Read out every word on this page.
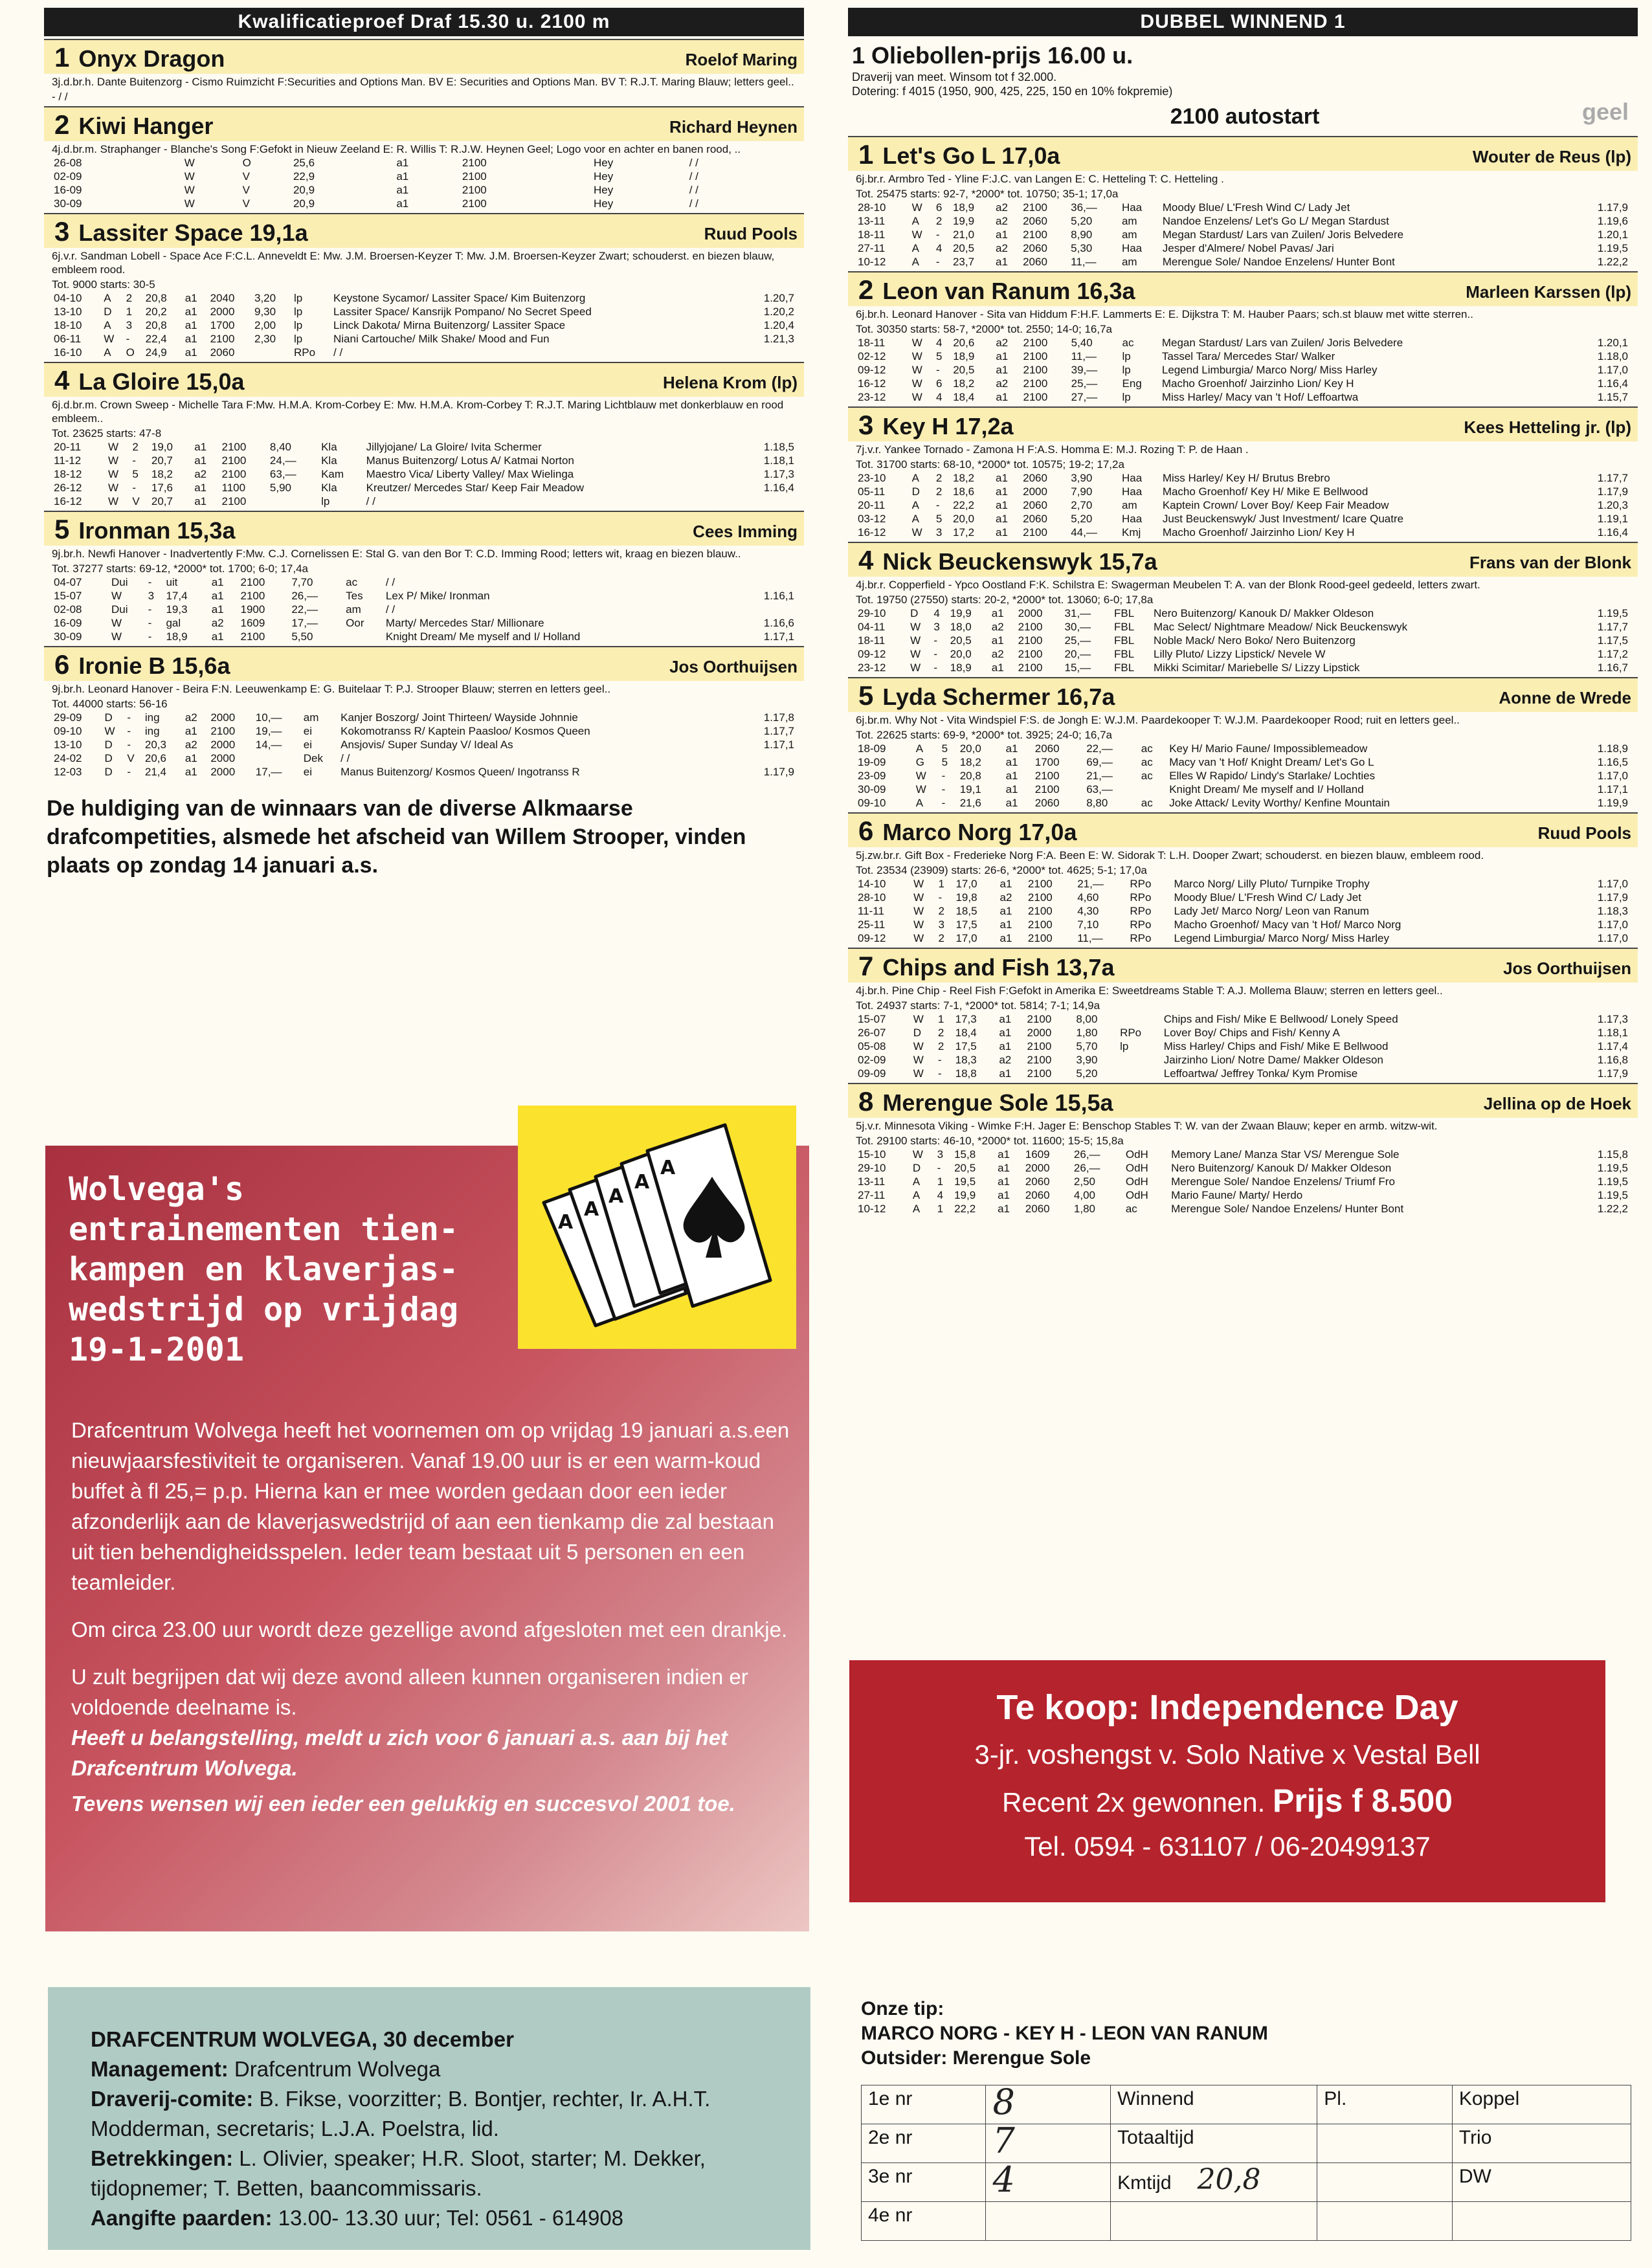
Kwalificatieproef Draf 15.30 u. 2100 m
1 Onyx Dragon	Roelof Maring
3j.d.br.h. Dante Buitenzorg - Cismo Ruimzicht F:Securities and Options Man. BV E: Securities and Options Man. BV T: R.J.T. Maring Blauw; letters geel..
- / /
2 Kiwi Hanger	Richard Heynen
4j.d.br.m. Straphanger - Blanche's Song F:Gefokt in Nieuw Zeeland E: R. Willis T: R.J.W. Heynen Geel; Logo voor en achter en banen rood, ..
26-08	W	O	25,6	a1	2100		Hey	/ /	
02-09	W	V	22,9	a1	2100		Hey	/ /	
16-09	W	V	20,9	a1	2100		Hey	/ /	
30-09	W	V	20,9	a1	2100		Hey	/ /	
3 Lassiter Space 19,1a	Ruud Pools
6j.v.r. Sandman Lobell - Space Ace F:C.L. Anneveldt E: Mw. J.M. Broersen-Keyzer T: Mw. J.M. Broersen-Keyzer Zwart; schouderst. en biezen blauw, embleem rood.
Tot. 9000 starts: 30-5
04-10	A	2	20,8	a1	2040	3,20	lp	Keystone Sycamor/ Lassiter Space/ Kim Buitenzorg	1.20,7
13-10	D	1	20,2	a1	2000	9,30	lp	Lassiter Space/ Kansrijk Pompano/ No Secret Speed	1.20,2
18-10	A	3	20,8	a1	1700	2,00	lp	Linck Dakota/ Mirna Buitenzorg/ Lassiter Space	1.20,4
06-11	W	-	22,4	a1	2100	2,30	lp	Niani Cartouche/ Milk Shake/ Mood and Fun	1.21,3
16-10	A	O	24,9	a1	2060		RPo	/ /	
4 La Gloire 15,0a	Helena Krom (lp)
6j.d.br.m. Crown Sweep - Michelle Tara F:Mw. H.M.A. Krom-Corbey E: Mw. H.M.A. Krom-Corbey T: R.J.T. Maring Lichtblauw met donkerblauw en rood embleem..
Tot. 23625 starts: 47-8
20-11	W	2	19,0	a1	2100	8,40	Kla	Jillyjojane/ La Gloire/ Ivita Schermer	1.18,5
11-12	W	-	20,7	a1	2100	24,—	Kla	Manus Buitenzorg/ Lotus A/ Katmai Norton	1.18,1
18-12	W	5	18,2	a2	2100	63,—	Kam	Maestro Vica/ Liberty Valley/ Max Wielinga	1.17,3
26-12	W	-	17,6	a1	1100	5,90	Kla	Kreutzer/ Mercedes Star/ Keep Fair Meadow	1.16,4
16-12	W	V	20,7	a1	2100		lp	/ /	
5 Ironman 15,3a	Cees Imming
9j.br.h. Newfi Hanover - Inadvertently F:Mw. C.J. Cornelissen E: Stal G. van den Bor T: C.D. Imming Rood; letters wit, kraag en biezen blauw..
Tot. 37277 starts: 69-12, *2000* tot. 1700; 6-0; 17,4a
04-07	Dui	-	uit	a1	2100	7,70	ac	/ /	
15-07	W	3	17,4	a1	2100	26,—	Tes	Lex P/ Mike/ Ironman	1.16,1
02-08	Dui	-	19,3	a1	1900	22,—	am	/ /	
16-09	W	-	gal	a2	1609	17,—	Oor	Marty/ Mercedes Star/ Millionare	1.16,6
30-09	W	-	18,9	a1	2100	5,50		Knight Dream/ Me myself and I/ Holland	1.17,1
6 Ironie B 15,6a	Jos Oorthuijsen
9j.br.h. Leonard Hanover - Beira F:N. Leeuwenkamp E: G. Buitelaar T: P.J. Strooper Blauw; sterren en letters geel..
Tot. 44000 starts: 56-16
29-09	D	-	ing	a2	2000	10,—	am	Kanjer Boszorg/ Joint Thirteen/ Wayside Johnnie	1.17,8
09-10	W	-	ing	a1	2100	19,—	ei	Kokomotranss R/ Kaptein Paasloo/ Kosmos Queen	1.17,7
13-10	D	-	20,3	a2	2000	14,—	ei	Ansjovis/ Super Sunday V/ Ideal As	1.17,1
24-02	D	V	20,6	a1	2000		Dek	/ /	
12-03	D	-	21,4	a1	2000	17,—	ei	Manus Buitenzorg/ Kosmos Queen/ Ingotranss R	1.17,9
De huldiging van de winnaars van de diverse Alkmaarse drafcompetities, alsmede het afscheid van Willem Strooper, vinden plaats op zondag 14 januari a.s.
DUBBEL WINNEND 1
1 Oliebollen-prijs 16.00 u.
Draverij van meet. Winsom tot f 32.000.
Dotering: f 4015 (1950, 900, 425, 225, 150 en 10% fokpremie)
2100 autostart	geel
1 Let's Go L 17,0a	Wouter de Reus (lp)
6j.br.r. Armbro Ted - Yline F:J.C. van Langen E: C. Hetteling T: C. Hetteling .
Tot. 25475 starts: 92-7, *2000* tot. 10750; 35-1; 17,0a
28-10	W	6	18,9	a2	2100	36,—	Haa	Moody Blue/ L'Fresh Wind C/ Lady Jet	1.17,9
13-11	A	2	19,9	a2	2060	5,20	am	Nandoe Enzelens/ Let's Go L/ Megan Stardust	1.19,6
18-11	W	-	21,0	a1	2100	8,90	am	Megan Stardust/ Lars van Zuilen/ Joris Belvedere	1.20,1
27-11	A	4	20,5	a2	2060	5,30	Haa	Jesper d'Almere/ Nobel Pavas/ Jari	1.19,5
10-12	A	-	23,7	a1	2060	11,—	am	Merengue Sole/ Nandoe Enzelens/ Hunter Bont	1.22,2
2 Leon van Ranum 16,3a	Marleen Karssen (lp)
6j.br.h. Leonard Hanover - Sita van Hiddum F:H.F. Lammerts E: E. Dijkstra T: M. Hauber Paars; sch.st blauw met witte sterren..
Tot. 30350 starts: 58-7, *2000* tot. 2550; 14-0; 16,7a
18-11	W	4	20,6	a2	2100	5,40	ac	Megan Stardust/ Lars van Zuilen/ Joris Belvedere	1.20,1
02-12	W	5	18,9	a1	2100	11,—	lp	Tassel Tara/ Mercedes Star/ Walker	1.18,0
09-12	W	-	20,5	a1	2100	39,—	lp	Legend Limburgia/ Marco Norg/ Miss Harley	1.17,0
16-12	W	6	18,2	a2	2100	25,—	Eng	Macho Groenhof/ Jairzinho Lion/ Key H	1.16,4
23-12	W	4	18,4	a1	2100	27,—	lp	Miss Harley/ Macy van 't Hof/ Leffoartwa	1.15,7
3 Key H 17,2a	Kees Hetteling jr. (lp)
7j.v.r. Yankee Tornado - Zamona H F:A.S. Homma E: M.J. Rozing T: P. de Haan .
Tot. 31700 starts: 68-10, *2000* tot. 10575; 19-2; 17,2a
23-10	A	2	18,2	a1	2060	3,90	Haa	Miss Harley/ Key H/ Brutus Brebro	1.17,7
05-11	D	2	18,6	a1	2000	7,90	Haa	Macho Groenhof/ Key H/ Mike E Bellwood	1.17,9
20-11	A	-	22,2	a1	2060	2,70	am	Kaptein Crown/ Lover Boy/ Keep Fair Meadow	1.20,3
03-12	A	5	20,0	a1	2060	5,20	Haa	Just Beuckenswyk/ Just Investment/ Icare Quatre	1.19,1
16-12	W	3	17,2	a1	2100	44,—	Kmj	Macho Groenhof/ Jairzinho Lion/ Key H	1.16,4
4 Nick Beuckenswyk 15,7a	Frans van der Blonk
4j.br.r. Copperfield - Ypco Oostland F:K. Schilstra E: Swagerman Meubelen T: A. van der Blonk Rood-geel gedeeld, letters zwart.
Tot. 19750 (27550) starts: 20-2, *2000* tot. 13060; 6-0; 17,8a
29-10	D	4	19,9	a1	2000	31,—	FBL	Nero Buitenzorg/ Kanouk D/ Makker Oldeson	1.19,5
04-11	W	3	18,0	a2	2100	30,—	FBL	Mac Select/ Nightmare Meadow/ Nick Beuckenswyk	1.17,7
18-11	W	-	20,5	a1	2100	25,—	FBL	Noble Mack/ Nero Boko/ Nero Buitenzorg	1.17,5
09-12	W	-	20,0	a2	2100	20,—	FBL	Lilly Pluto/ Lizzy Lipstick/ Nevele W	1.17,2
23-12	W	-	18,9	a1	2100	15,—	FBL	Mikki Scimitar/ Mariebelle S/ Lizzy Lipstick	1.16,7
5 Lyda Schermer 16,7a	Aonne de Wrede
6j.br.m. Why Not - Vita Windspiel F:S. de Jongh E: W.J.M. Paardekooper T: W.J.M. Paardekooper Rood; ruit en letters geel..
Tot. 22625 starts: 69-9, *2000* tot. 3925; 24-0; 16,7a
18-09	A	5	20,0	a1	2060	22,—	ac	Key H/ Mario Faune/ Impossiblemeadow	1.18,9
19-09	G	5	18,2	a1	1700	69,—	ac	Macy van 't Hof/ Knight Dream/ Let's Go L	1.16,5
23-09	W	-	20,8	a1	2100	21,—	ac	Elles W Rapido/ Lindy's Starlake/ Lochties	1.17,0
30-09	W	-	19,1	a1	2100	63,—		Knight Dream/ Me myself and I/ Holland	1.17,1
09-10	A	-	21,6	a1	2060	8,80	ac	Joke Attack/ Levity Worthy/ Kenfine Mountain	1.19,9
6 Marco Norg 17,0a	Ruud Pools
5j.zw.br.r. Gift Box - Frederieke Norg F:A. Been E: W. Sidorak T: L.H. Dooper Zwart; schouderst. en biezen blauw, embleem rood.
Tot. 23534 (23909) starts: 26-6, *2000* tot. 4625; 5-1; 17,0a
14-10	W	1	17,0	a1	2100	21,—	RPo	Marco Norg/ Lilly Pluto/ Turnpike Trophy	1.17,0
28-10	W	-	19,8	a2	2100	4,60	RPo	Moody Blue/ L'Fresh Wind C/ Lady Jet	1.17,9
11-11	W	2	18,5	a1	2100	4,30	RPo	Lady Jet/ Marco Norg/ Leon van Ranum	1.18,3
25-11	W	3	17,5	a1	2100	7,10	RPo	Macho Groenhof/ Macy van 't Hof/ Marco Norg	1.17,0
09-12	W	2	17,0	a1	2100	11,—	RPo	Legend Limburgia/ Marco Norg/ Miss Harley	1.17,0
7 Chips and Fish 13,7a	Jos Oorthuijsen
4j.br.h. Pine Chip - Reel Fish F:Gefokt in Amerika E: Sweetdreams Stable T: A.J. Mollema Blauw; sterren en letters geel..
Tot. 24937 starts: 7-1, *2000* tot. 5814; 7-1; 14,9a
15-07	W	1	17,3	a1	2100	8,00		Chips and Fish/ Mike E Bellwood/ Lonely Speed	1.17,3
26-07	D	2	18,4	a1	2000	1,80	RPo	Lover Boy/ Chips and Fish/ Kenny A	1.18,1
05-08	W	2	17,5	a1	2100	5,70	lp	Miss Harley/ Chips and Fish/ Mike E Bellwood	1.17,4
02-09	W	-	18,3	a2	2100	3,90		Jairzinho Lion/ Notre Dame/ Makker Oldeson	1.16,8
09-09	W	-	18,8	a1	2100	5,20		Leffoartwa/ Jeffrey Tonka/ Kym Promise	1.17,9
8 Merengue Sole 15,5a	Jellina op de Hoek
5j.v.r. Minnesota Viking - Wimke F:H. Jager E: Benschop Stables T: W. van der Zwaan Blauw; keper en armb. witzw-wit.
Tot. 29100 starts: 46-10, *2000* tot. 11600; 15-5; 15,8a
15-10	W	3	15,8	a1	1609	26,—	OdH	Memory Lane/ Manza Star VS/ Merengue Sole	1.15,8
29-10	D	-	20,5	a1	2000	26,—	OdH	Nero Buitenzorg/ Kanouk D/ Makker Oldeson	1.19,5
13-11	A	1	19,5	a1	2060	2,50	OdH	Merengue Sole/ Nandoe Enzelens/ Triumf Fro	1.19,5
27-11	A	4	19,9	a1	2060	4,00	OdH	Mario Faune/ Marty/ Herdo	1.19,5
10-12	A	1	22,2	a1	2060	1,80	ac	Merengue Sole/ Nandoe Enzelens/ Hunter Bont	1.22,2
Wolvega's
entrainementen tien-
kampen en klaverjas-
wedstrijd op vrijdag
19-1-2001

Drafcentrum Wolvega heeft het voornemen om op vrijdag 19 januari a.s.een nieuwjaarsfestiviteit te organiseren. Vanaf 19.00 uur is er een warm-koud buffet à fl 25,= p.p. Hierna kan er mee worden gedaan door een ieder afzonderlijk aan de klaverjaswedstrijd of aan een tienkamp die zal bestaan uit tien behendigheidsspelen. Ieder team bestaat uit 5 personen en een teamleider.

Om circa 23.00 uur wordt deze gezellige avond afgesloten met een drankje.

U zult begrijpen dat wij deze avond alleen kunnen organiseren indien er voldoende deelname is.

Heeft u belangstelling, meldt u zich voor 6 januari a.s. aan bij het Drafcentrum Wolvega.

Tevens wensen wij een ieder een gelukkig en succesvol 2001 toe.

A
A
A
A
A
Te koop: Independence Day
3-jr. voshengst v. Solo Native x Vestal Bell
Recent 2x gewonnen. Prijs f 8.500
Tel. 0594 - 631107 / 06-20499137
DRAFCENTRUM WOLVEGA, 30 december
Management: Drafcentrum Wolvega
Draverij-comite: B. Fikse, voorzitter; B. Bontjer, rechter, Ir. A.H.T. Modderman, secretaris; L.J.A. Poelstra, lid.
Betrekkingen: L. Olivier, speaker; H.R. Sloot, starter; M. Dekker, tijdopnemer; T. Betten, baancommissaris.
Aangifte paarden: 13.00- 13.30 uur; Tel: 0561 - 614908
Onze tip:
MARCO NORG - KEY H - LEON VAN RANUM
Outsider: Merengue Sole
1e nr	8	Winnend	Pl.	Koppel
2e nr	7	Totaaltijd		Trio
3e nr	4	Kmtijd 20,8		DW
4e nr				
